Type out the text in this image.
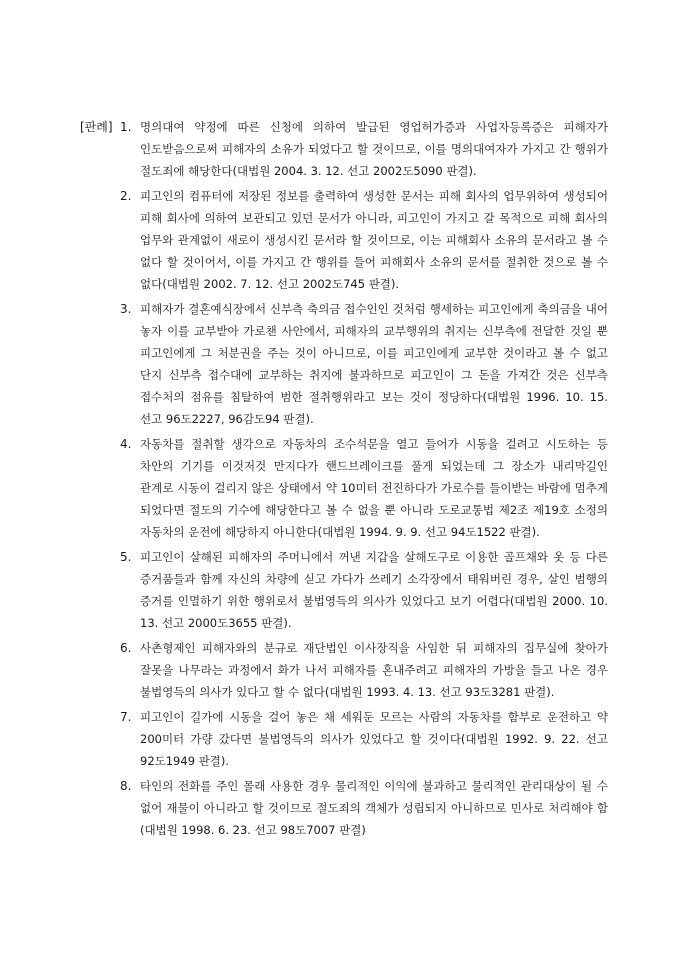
[판례] 1. 명의대여 약정에 따른 신청에 의하여 발급된 영업허가증과 사업자등록증은 피해자가 인도받음으로써 피해자의 소유가 되었다고 할 것이므로, 이를 명의대여자가 가지고 간 행위가 절도죄에 해당한다(대법원 2004. 3. 12. 선고 2002도5090 판결).
2. 피고인의 컴퓨터에 저장된 정보를 출력하여 생성한 문서는 피해 회사의 업무위하여 생성되어 피해 회사에 의하여 보관되고 있던 문서가 아니라, 피고인이 가지고 갈 목적으로 피해 회사의 업무와 관계없이 새로이 생성시킨 문서라 할 것이므로, 이는 피해회사 소유의 문서라고 볼 수 없다 할 것이어서, 이를 가지고 간 행위를 들어 피해회사 소유의 문서를 절취한 것으로 볼 수 없다(대법원 2002. 7. 12. 선고 2002도745 판결).
3. 피해자가 결혼예식장에서 신부측 축의금 접수인인 것처럼 행세하는 피고인에게 축의금을 내어 놓자 이를 교부받아 가로챈 사안에서, 피해자의 교부행위의 취지는 신부측에 전달한 것일 뿐 피고인에게 그 처분권을 주는 것이 아니므로, 이를 피고인에게 교부한 것이라고 볼 수 없고 단지 신부측 접수대에 교부하는 취지에 불과하므로 피고인이 그 돈을 가져간 것은 신부측 접수처의 점유를 침탈하여 범한 절취행위라고 보는 것이 정당하다(대법원 1996. 10. 15. 선고 96도2227, 96감도94 판결).
4. 자동차를 절취할 생각으로 자동차의 조수석문을 열고 들어가 시동을 걸려고 시도하는 등 차안의 기기를 이것저것 만지다가 핸드브레이크를 풀게 되었는데 그 장소가 내리막길인 관계로 시동이 걸리지 않은 상태에서 약 10미터 전진하다가 가로수를 들이받는 바람에 멈추게 되었다면 절도의 기수에 해당한다고 볼 수 없을 뿐 아니라 도로교통법 제2조 제19호 소정의 자동차의 운전에 해당하지 아니한다(대법원 1994. 9. 9. 선고 94도1522 판결).
5. 피고인이 살해된 피해자의 주머니에서 꺼낸 지갑을 살해도구로 이용한 골프채와 옷 등 다른 증거품들과 함께 자신의 차량에 싣고 가다가 쓰레기 소각장에서 태워버린 경우, 살인 범행의 증거를 인멸하기 위한 행위로서 불법영득의 의사가 있었다고 보기 어렵다(대법원 2000. 10. 13. 선고 2000도3655 판결).
6. 사촌형제인 피해자와의 분규로 재단법인 이사장직을 사임한 뒤 피해자의 집무실에 찾아가 잘못을 나무라는 과정에서 화가 나서 피해자를 혼내주려고 피해자의 가방을 들고 나온 경우 불법영득의 의사가 있다고 할 수 없다(대법원 1993. 4. 13. 선고 93도3281 판결).
7. 피고인이 길가에 시동을 걸어 놓은 채 세워둔 모르는 사람의 자동차를 함부로 운전하고 약 200미터 가량 갔다면 불법영득의 의사가 있었다고 할 것이다(대법원 1992. 9. 22. 선고 92도1949 판결).
8. 타인의 전화를 주인 몰래 사용한 경우 물리적인 이익에 불과하고 물리적인 관리대상이 될 수 없어 재물이 아니라고 할 것이므로 절도죄의 객체가 성립되지 아니하므로 민사로 처리해야 함(대법원 1998. 6. 23. 선고 98도7007 판결)
